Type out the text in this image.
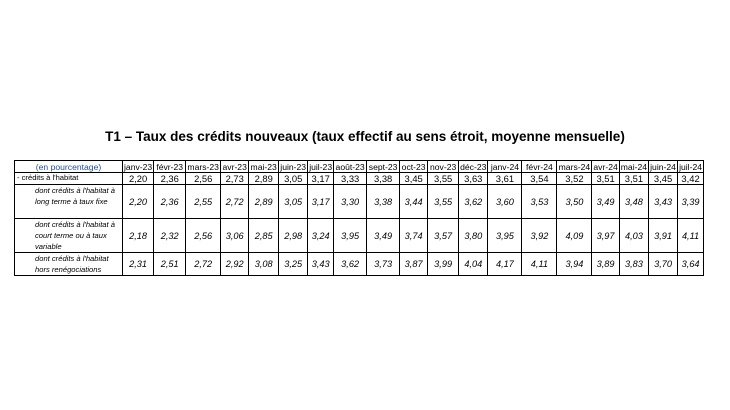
T1 – Taux des crédits nouveaux (taux effectif au sens étroit, moyenne mensuelle)
(en pourcentage)	janv-23	févr-23	mars-23	avr-23	mai-23	juin-23	juil-23	août-23	sept-23	oct-23	nov-23	déc-23	janv-24	févr-24	mars-24	avr-24	mai-24	juin-24	juil-24
- crédits à l'habitat	2,20	2,36	2,56	2,73	2,89	3,05	3,17	3,33	3,38	3,45	3,55	3,63	3,61	3,54	3,52	3,51	3,51	3,45	3,42
dont crédits à l'habitat à long terme à taux fixe	2,20	2,36	2,55	2,72	2,89	3,05	3,17	3,30	3,38	3,44	3,55	3,62	3,60	3,53	3,50	3,49	3,48	3,43	3,39
dont crédits à l'habitat à court terme ou à taux variable	2,18	2,32	2,56	3,06	2,85	2,98	3,24	3,95	3,49	3,74	3,57	3,80	3,95	3,92	4,09	3,97	4,03	3,91	4,11
dont crédits à l'habitat hors renégociations	2,31	2,51	2,72	2,92	3,08	3,25	3,43	3,62	3,73	3,87	3,99	4,04	4,17	4,11	3,94	3,89	3,83	3,70	3,64
